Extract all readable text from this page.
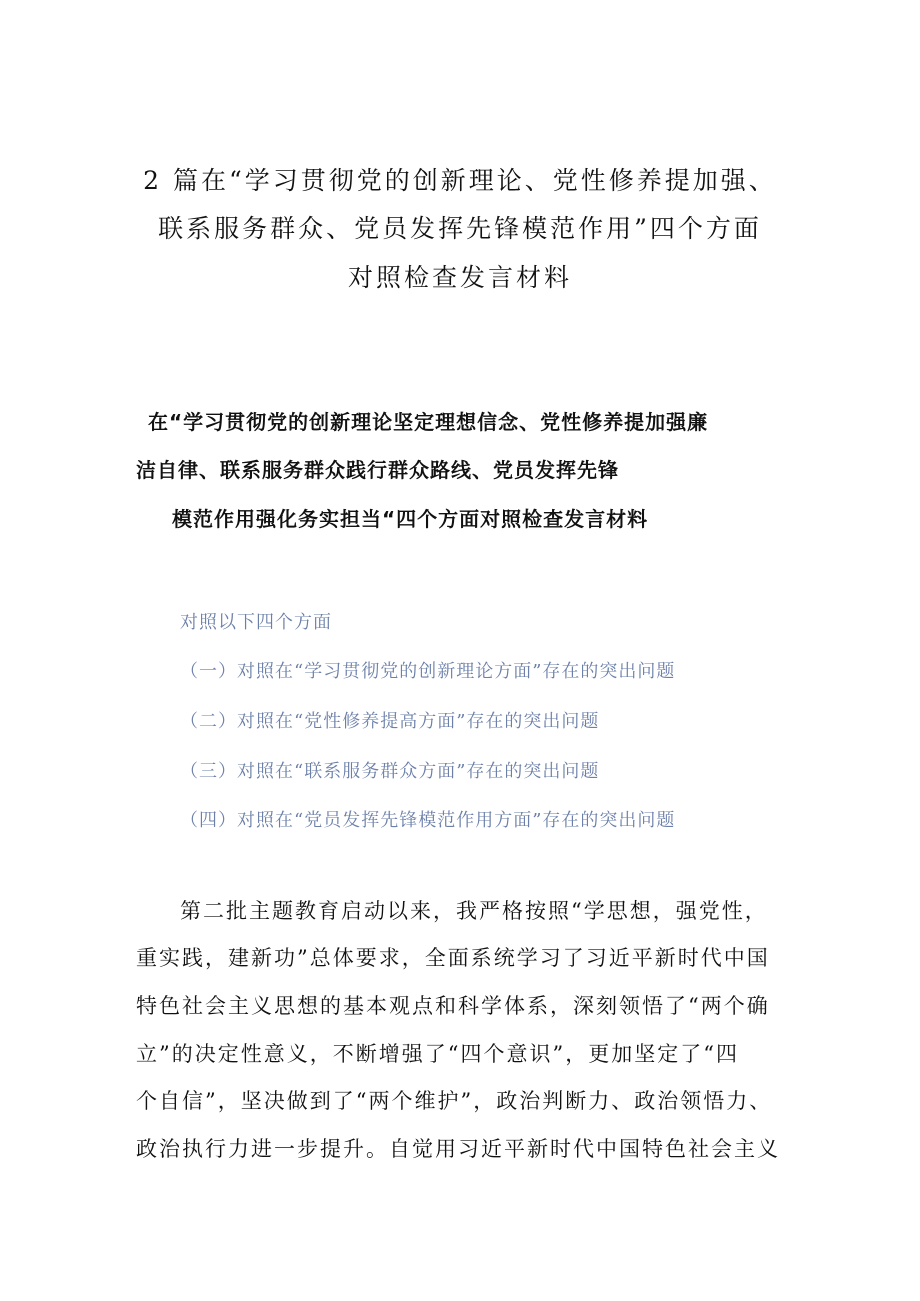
2 篇在“学习贯彻党的创新理论、党性修养提加强、
联系服务群众、党员发挥先锋模范作用”四个方面
对照检查发言材料
在“学习贯彻党的创新理论坚定理想信念、党性修养提加强廉
洁自律、联系服务群众践行群众路线、党员发挥先锋
模范作用强化务实担当“四个方面对照检查发言材料
对照以下四个方面
（一）对照在“学习贯彻党的创新理论方面”存在的突出问题
（二）对照在“党性修养提高方面”存在的突出问题
（三）对照在“联系服务群众方面”存在的突出问题
（四）对照在“党员发挥先锋模范作用方面”存在的突出问题
第二批主题教育启动以来，我严格按照“学思想，强党性，
重实践，建新功”总体要求，全面系统学习了习近平新时代中国
特色社会主义思想的基本观点和科学体系，深刻领悟了“两个确
立”的决定性意义，不断增强了“四个意识”，更加坚定了“四
个自信”，坚决做到了“两个维护”，政治判断力、政治领悟力、
政治执行力进一步提升。自觉用习近平新时代中国特色社会主义
